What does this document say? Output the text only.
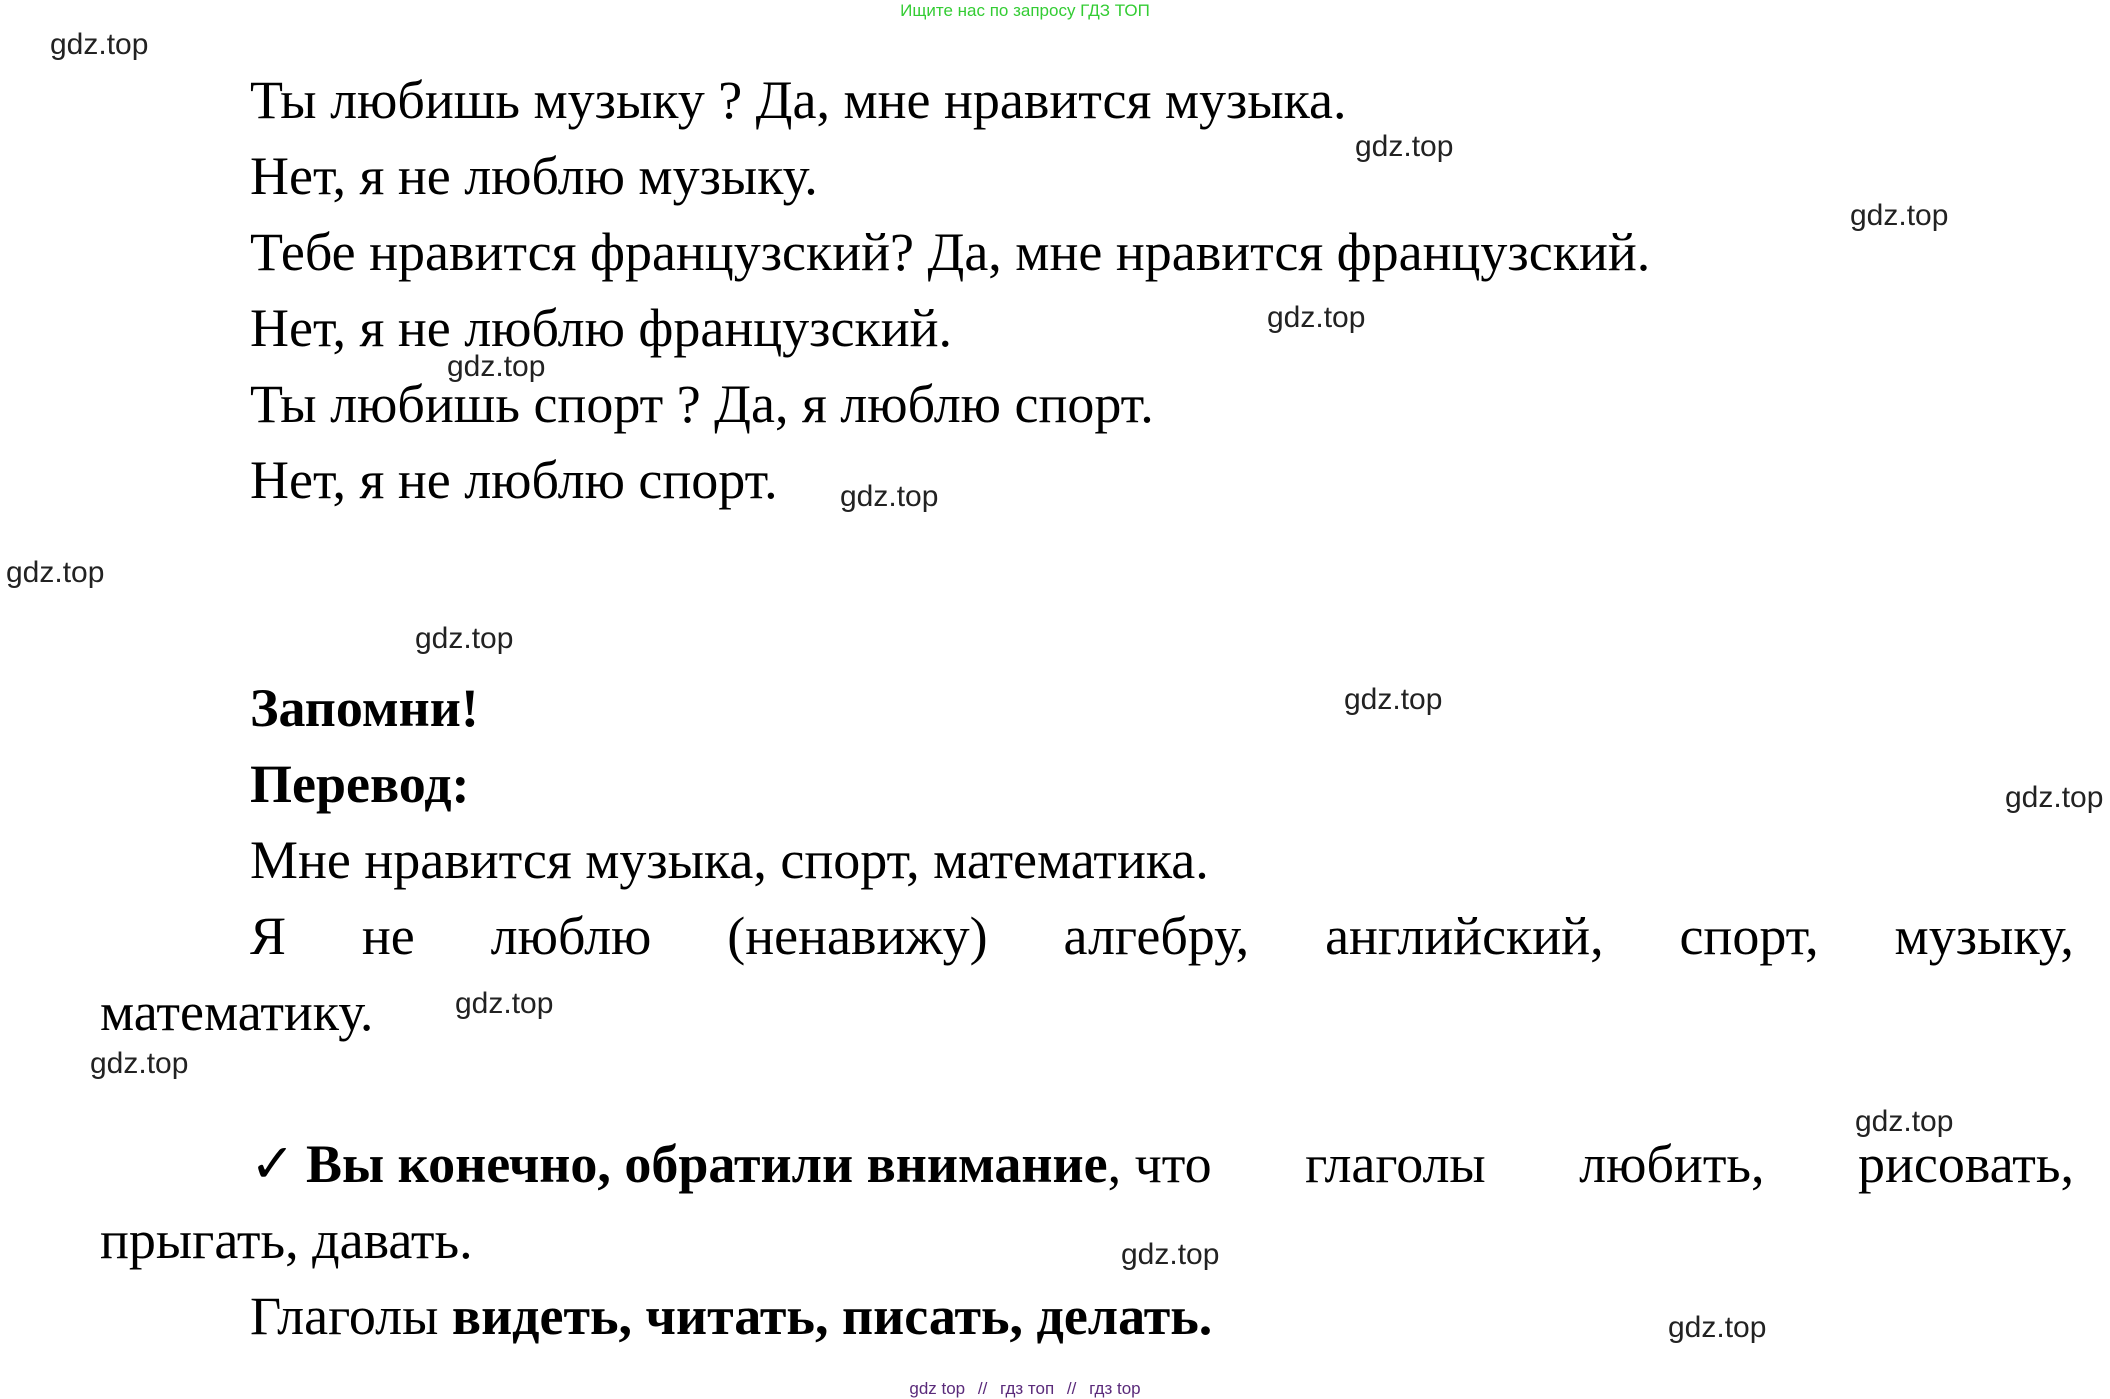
Ищите нас по запросу ГДЗ ТОП
Ты любишь музыку ? Да, мне нравится музыка.
Нет, я не люблю музыку.
Тебе нравится французский? Да, мне нравится французский.
Нет, я не люблю французский.
Ты любишь спорт ? Да, я люблю спорт.
Нет, я не люблю спорт.
Запомни!
Перевод:
Мне нравится музыка, спорт, математика.
Я не люблю (ненавижу) алгебру, английский, спорт, музыку,
математику.
✓ Вы конечно, обратили внимание, что глаголы любить, рисовать,
прыгать, давать.
Глаголы видеть, читать, писать, делать.
gdz.top
gdz.top
gdz.top
gdz.top
gdz.top
gdz.top
gdz.top
gdz.top
gdz.top
gdz.top
gdz.top
gdz.top
gdz.top
gdz.top
gdz.top
gdz top // гдз топ // гдз top
